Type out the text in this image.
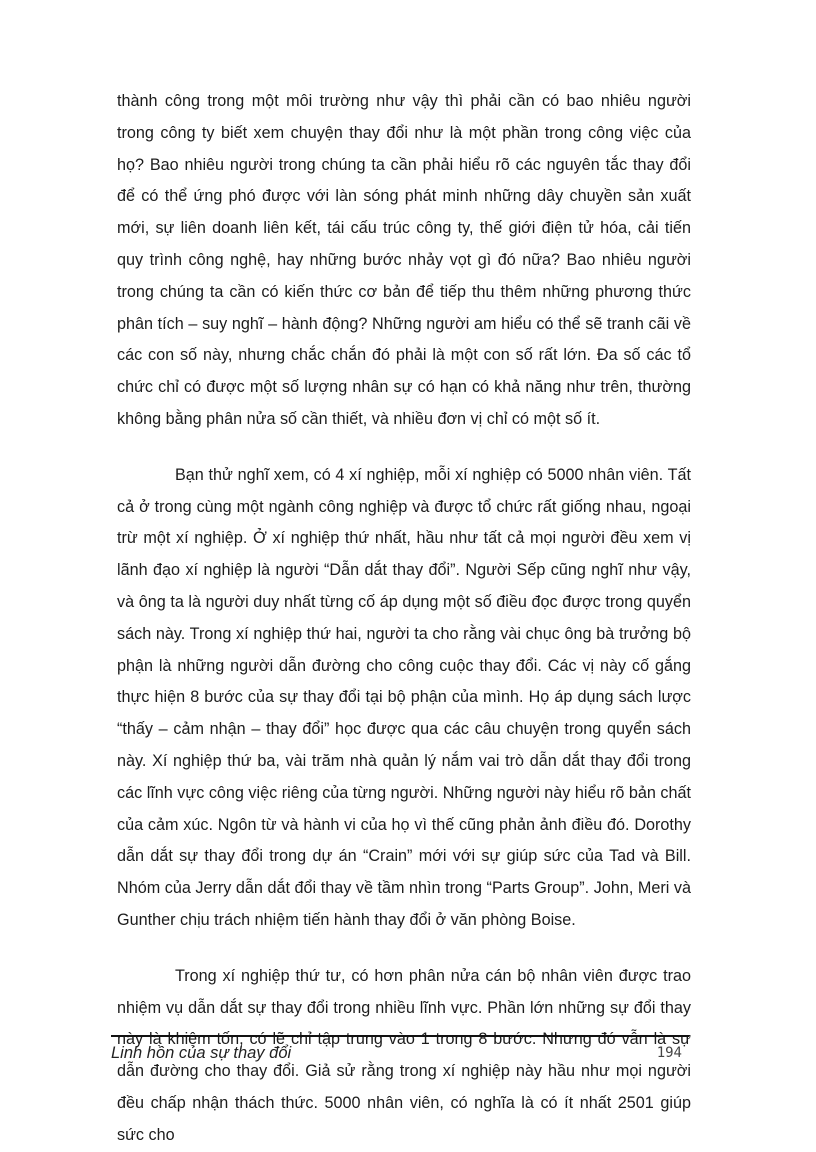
thành công trong một môi trường như vậy thì phải cần có bao nhiêu người trong công ty biết xem chuyện thay đổi như là một phần trong công việc của họ? Bao nhiêu người trong chúng ta cần phải hiểu rõ các nguyên tắc thay đổi để có thể ứng phó được với làn sóng phát minh những dây chuyền sản xuất mới, sự liên doanh liên kết, tái cấu trúc công ty, thế giới điện tử hóa, cải tiến quy trình công nghệ, hay những bước nhảy vọt gì đó nữa? Bao nhiêu người trong chúng ta cần có kiến thức cơ bản để tiếp thu thêm những phương thức phân tích – suy nghĩ – hành động? Những người am hiểu có thể sẽ tranh cãi về các con số này, nhưng chắc chắn đó phải là một con số rất lớn. Đa số các tổ chức chỉ có được một số lượng nhân sự có hạn có khả năng như trên, thường không bằng phân nửa số cần thiết, và nhiều đơn vị chỉ có một số ít.

Bạn thử nghĩ xem, có 4 xí nghiệp, mỗi xí nghiệp có 5000 nhân viên. Tất cả ở trong cùng một ngành công nghiệp và được tổ chức rất giống nhau, ngoại trừ một xí nghiệp. Ở xí nghiệp thứ nhất, hầu như tất cả mọi người đều xem vị lãnh đạo xí nghiệp là người “Dẫn dắt thay đổi”. Người Sếp cũng nghĩ như vậy, và ông ta là người duy nhất từng cố áp dụng một số điều đọc được trong quyển sách này. Trong xí nghiệp thứ hai, người ta cho rằng vài chục ông bà trưởng bộ phận là những người dẫn đường cho công cuộc thay đổi. Các vị này cố gắng thực hiện 8 bước của sự thay đổi tại bộ phận của mình. Họ áp dụng sách lược “thấy – cảm nhận – thay đổi” học được qua các câu chuyện trong quyển sách này. Xí nghiệp thứ ba, vài trăm nhà quản lý nắm vai trò dẫn dắt thay đổi trong các lĩnh vực công việc riêng của từng người. Những người này hiểu rõ bản chất của cảm xúc. Ngôn từ và hành vi của họ vì thế cũng phản ảnh điều đó. Dorothy dẫn dắt sự thay đổi trong dự án “Crain” mới với sự giúp sức của Tad và Bill. Nhóm của Jerry dẫn dắt đổi thay về tầm nhìn trong “Parts Group”. John, Meri và Gunther chịu trách nhiệm tiến hành thay đổi ở văn phòng Boise.

Trong xí nghiệp thứ tư, có hơn phân nửa cán bộ nhân viên được trao nhiệm vụ dẫn dắt sự thay đổi trong nhiều lĩnh vực. Phần lớn những sự đổi thay này là khiêm tốn, có lẽ chỉ tập trung vào 1 trong 8 bước. Nhưng đó vẫn là sự dẫn đường cho thay đổi. Giả sử rằng trong xí nghiệp này hầu như mọi người đều chấp nhận thách thức. 5000 nhân viên, có nghĩa là có ít nhất 2501 giúp sức cho

Linh hồn của sự thay đổi	194
